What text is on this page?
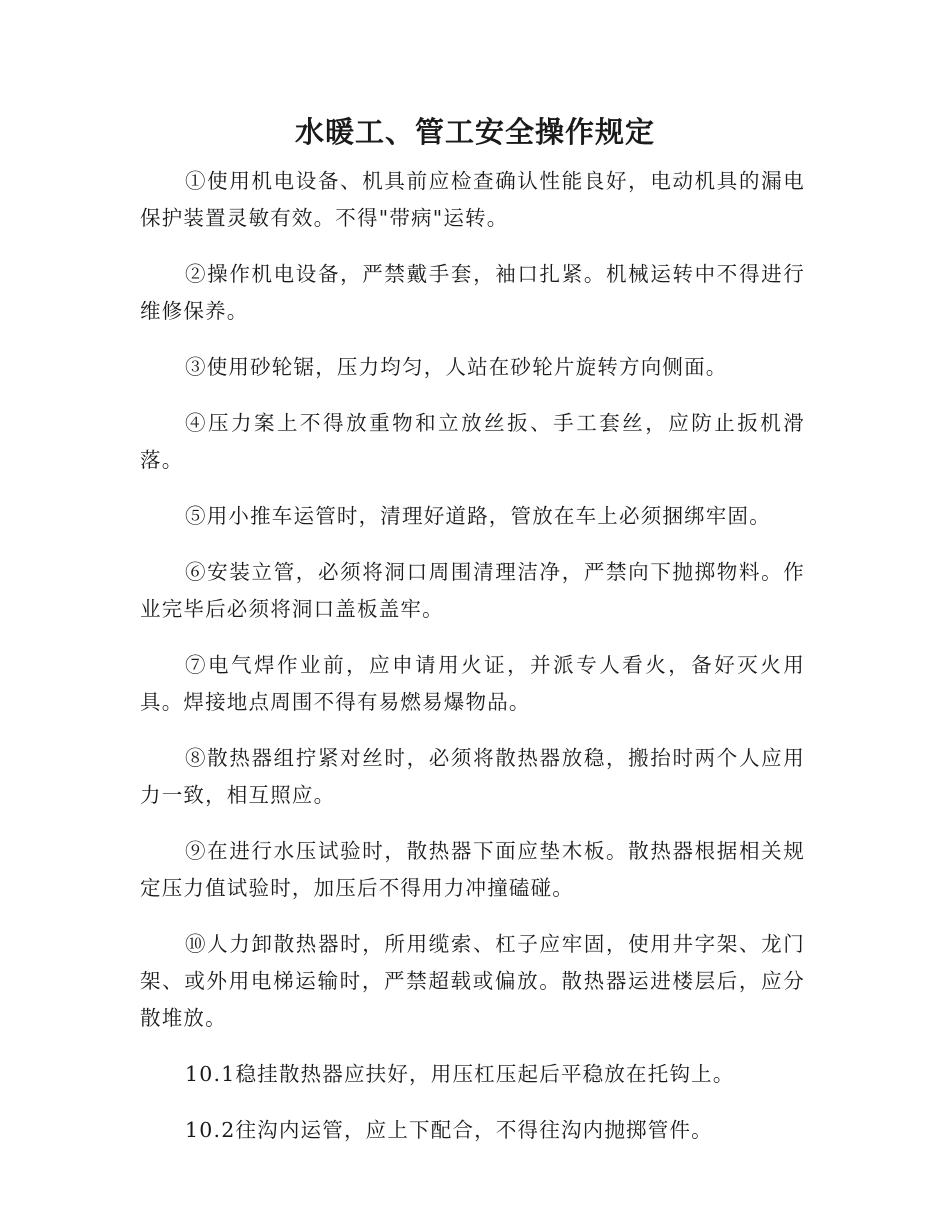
水暖工、管工安全操作规定

①使用机电设备、机具前应检查确认性能良好，电动机具的漏电保护装置灵敏有效。不得"带病"运转。

②操作机电设备，严禁戴手套，袖口扎紧。机械运转中不得进行维修保养。

③使用砂轮锯，压力均匀，人站在砂轮片旋转方向侧面。

④压力案上不得放重物和立放丝扳、手工套丝，应防止扳机滑落。

⑤用小推车运管时，清理好道路，管放在车上必须捆绑牢固。

⑥安装立管，必须将洞口周围清理洁净，严禁向下抛掷物料。作业完毕后必须将洞口盖板盖牢。

⑦电气焊作业前，应申请用火证，并派专人看火，备好灭火用具。焊接地点周围不得有易燃易爆物品。

⑧散热器组拧紧对丝时，必须将散热器放稳，搬抬时两个人应用力一致，相互照应。

⑨在进行水压试验时，散热器下面应垫木板。散热器根据相关规定压力值试验时，加压后不得用力冲撞磕碰。

⑩人力卸散热器时，所用缆索、杠子应牢固，使用井字架、龙门架、或外用电梯运输时，严禁超载或偏放。散热器运进楼层后，应分散堆放。

10.1稳挂散热器应扶好，用压杠压起后平稳放在托钩上。

10.2往沟内运管，应上下配合，不得往沟内抛掷管件。
